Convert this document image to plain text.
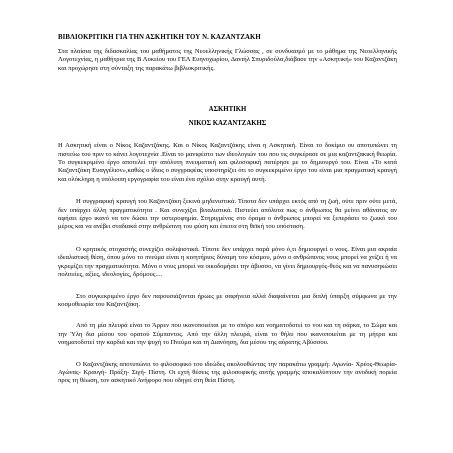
ΒΙΒΛΙΟΚΡΙΤΙΚΗ ΓΙΑ ΤΗΝ ΑΣΚΗΤΙΚΗ ΤΟΥ Ν. ΚΑΖΑΝΤΖΑΚΗ

Στα πλαίσια της διδασκαλίας του μαθήματος της Νεοελληνικής Γλώσσας , σε συνδυασμό με το μάθημα της Νεοελληνικής Λογοτεχνίας, η μαθήτρια της Β Λυκείου του ΓΕΛ Ευηνοχωρίου, Δανιήλ Σπυριδούλα,διάβασε την «Ασκητική» του Καζαντζάκη και προχώρησε στη σύνταξη της παρακάτω βιβλιοκριτικής.

ΑΣΚΗΤΙΚΗ
ΝΙΚΟΣ ΚΑΖΑΝΤΖΑΚΗΣ

Η Ασκητική είναι ο Νίκος Καζαντζάκης. Και ο Νίκος Καζαντζάκης είναι η Ασκητική. Είναι το δοκίμιο ου αποτυπώνει τη πιστεύω του πριν το κάνει λογοτεχνία .Είναι το μανιφέστο των ιδεολογιών του που τις συγκέρασε σε μια καζαντζακική θεωρία. Το συγκεκριμένο έργο αποτελεί την απόλυτη πνευματική και φιλοσοφική πατέρησε με το δημιουργό του. Είναι «Το κατά Καζαντζάκη Ευαγγέλιον»,καθώς ο ίδιος ο συγγραφέας υποστηρίζει ότι το συγκεκριμένο έργο του είναι μια πραγματική κραυγή και ολόκληρη η υπόλοιπη εργογραφία του είναι ένα σχόλιο στην κραυγή αυτή.

Η συγγραφική κραυγή του Καζαντζάκη ξεκινά μηδενιστικά. Τίποτα δεν υπάρχει εκτός από τη ζωή, ούτε πριν ούτε μετά, δεν υπάρχει άλλη πραγματικότητα . Και συνεχίζει βιταλιστικά. Πιστεύει απόλυτα πως ο άνθρωπος θα μείνει αθάνατος αν αφήσει έργο ικανό να τον δώσει την υστεροφημία. Στηριγμένος στο όραμα ο άνθρωπος μπορεί να ξεπεράσει το ζωικό του μέρος και να ανέβει σταδιακά στην ανθρώπινη του φύση και έπειτα στη θεϊκή του υπόσταση.

Ο κρητικός στοχαστής συνεχίζει σολιψιστικά. Τίποτε δεν υπάρχει παρά μόνο ό,τι δημιουργεί ο νους. Είναι μια ακραία ιδεαλιστική θέση, όπου μόνο το πνεύμα είναι η κινητήριος δύναμη του κόσμου, μόνο ο ανθρώπινος νους μπορεί να χτίζει ή να γκρεμίζει την πραγματικότητα. Μόνο ο νους μπορεί να οικοδομήσει την άβυσσο, να γίνει δημιουργός-θεός και να πανυσηκώσει πολιτείες, αξίες, ιδεολογίες, δρόμους....

Στο συγκεκριμένο έργο δεν παρουσιάζονται ήρωες με σαφήνεια αλλά διαφαίνεται μια διπλή ύπαρξη σύμφωνα με την κοσμοθεωρία του Καζαντζάκη.

Από τη μία πλευρά είναι το Άρρεν που ικανοποιείται με το σπόρο και νοηματοδοτεί το νου και τη σάρκα, το Σώμα και την Ύλη δια μέσου του ορατού Σύμπαντος. Από την άλλη πλευρά, είναι το θήλυ που ικανοποιείται με τη μήτρα και νοηματοδοτεί την καρδιά και την ψυχή το Πνεύμα και τη Διανόηση, δια μέσου της αόρατης Αβύσσου.

Ο Καζαντζάκης αποτυπώνει το φιλοσοφικό του ιδεώδες ακολουθώντας την παρακάτω γραμμή: Αγωνία- Χρέος-Θεωρία- Αγώνας- Κραυγή- Πράξη- Σιγή- Πίστη. Οι εχτή θέσεις της φιλοσοφικής αυτής γραμμής αποκαλύπτουν την ανοδική πορεία προς τη θέωση, τον ασκητικό Ανήφορο που οδηγεί στη θεία Πίστη.
